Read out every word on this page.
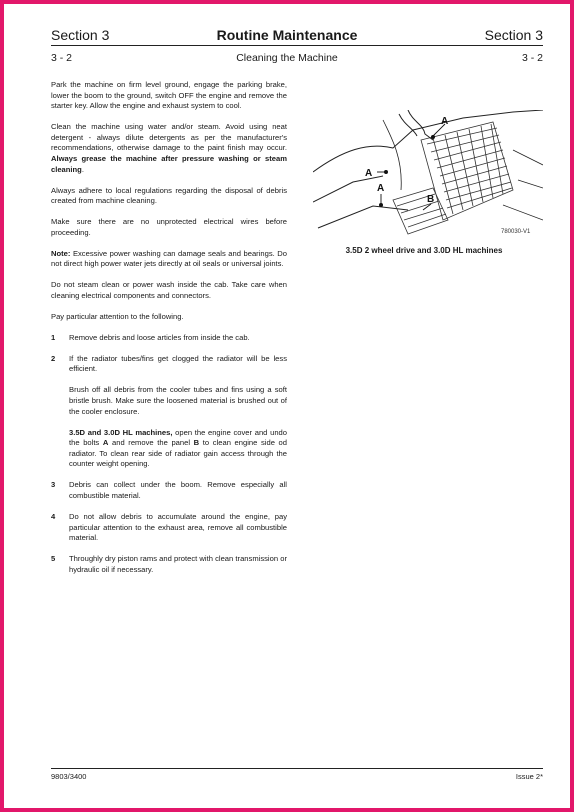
Section 3	Routine Maintenance	Section 3
3 - 2	Cleaning the Machine	3 - 2

Park the machine on firm level ground, engage the parking brake, lower the boom to the ground, switch OFF the engine and remove the starter key. Allow the engine and exhaust system to cool.

Clean the machine using water and/or steam. Avoid using neat detergent - always dilute detergents as per the manufacturer's recommendations, otherwise damage to the paint finish may occur. Always grease the machine after pressure washing or steam cleaning.

Always adhere to local regulations regarding the disposal of debris created from machine cleaning.

Make sure there are no unprotected electrical wires before proceeding.

Note: Excessive power washing can damage seals and bearings. Do not direct high power water jets directly at oil seals or universal joints.

Do not steam clean or power wash inside the cab. Take care when cleaning electrical components and connectors.

Pay particular attention to the following.

1	Remove debris and loose articles from inside the cab.
2	If the radiator tubes/fins get clogged the radiator will be less efficient.

Brush off all debris from the cooler tubes and fins using a soft bristle brush. Make sure the loosened material is brushed out of the cooler enclosure.

3.5D and 3.0D HL machines, open the engine cover and undo the bolts A and remove the panel B to clean engine side od radiator. To clean rear side of radiator gain access through the counter weight opening.

3	Debris can collect under the boom. Remove especially all combustible material.
4	Do not allow debris to accumulate around the engine, pay particular attention to the exhaust area, remove all combustible material.
5	Throughly dry piston rams and protect with clean transmission or hydraulic oil if necessary.
A
A
A
B
780030-V1
3.5D 2 wheel drive and 3.0D HL machines
9803/3400	Issue 2*
